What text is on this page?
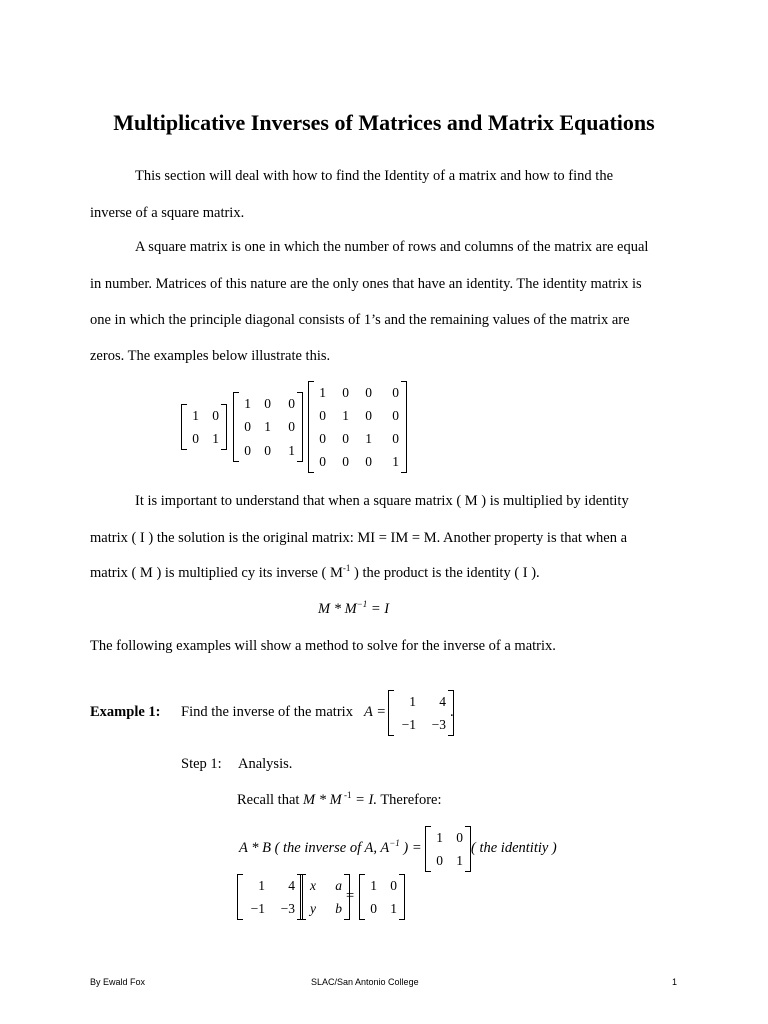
Multiplicative Inverses of Matrices and Matrix Equations
This section will deal with how to find the Identity of a matrix and how to find the
inverse of a square matrix.
A square matrix is one in which the number of rows and columns of the matrix are equal
in number. Matrices of this nature are the only ones that have an identity. The identity matrix is
one in which the principle diagonal consists of 1’s and the remaining values of the matrix are
zeros. The examples below illustrate this.
1 0
0 1
1 0	0
0 1	0
0 0	1
1 0 0	0
0 1 0	0
0 0 1	0
0 0 0	1
It is important to understand that when a square matrix ( M ) is multiplied by identity
matrix ( I ) the solution is the original matrix: MI = IM = M. Another property is that when a
matrix ( M ) is multiplied cy its inverse ( $M^{-1}$ ) the product is the identity ( I ).
$M * M^{-1} = I$
The following examples will show a method to solve for the inverse of a matrix.
Example 1: Find the inverse of the matrix A =
1	4
−1	−3
.
Step 1: Analysis.
Recall that M * M $^{-1}$ = I. Therefore:
A * B ( the inverse of A, $A^{-1}$ ) =
1 0
0 1
( the identitiy )
1	4
−1	−3
x	a
y	b
=
1 0
0 1
By Ewald Fox	SLAC/San Antonio College	1
